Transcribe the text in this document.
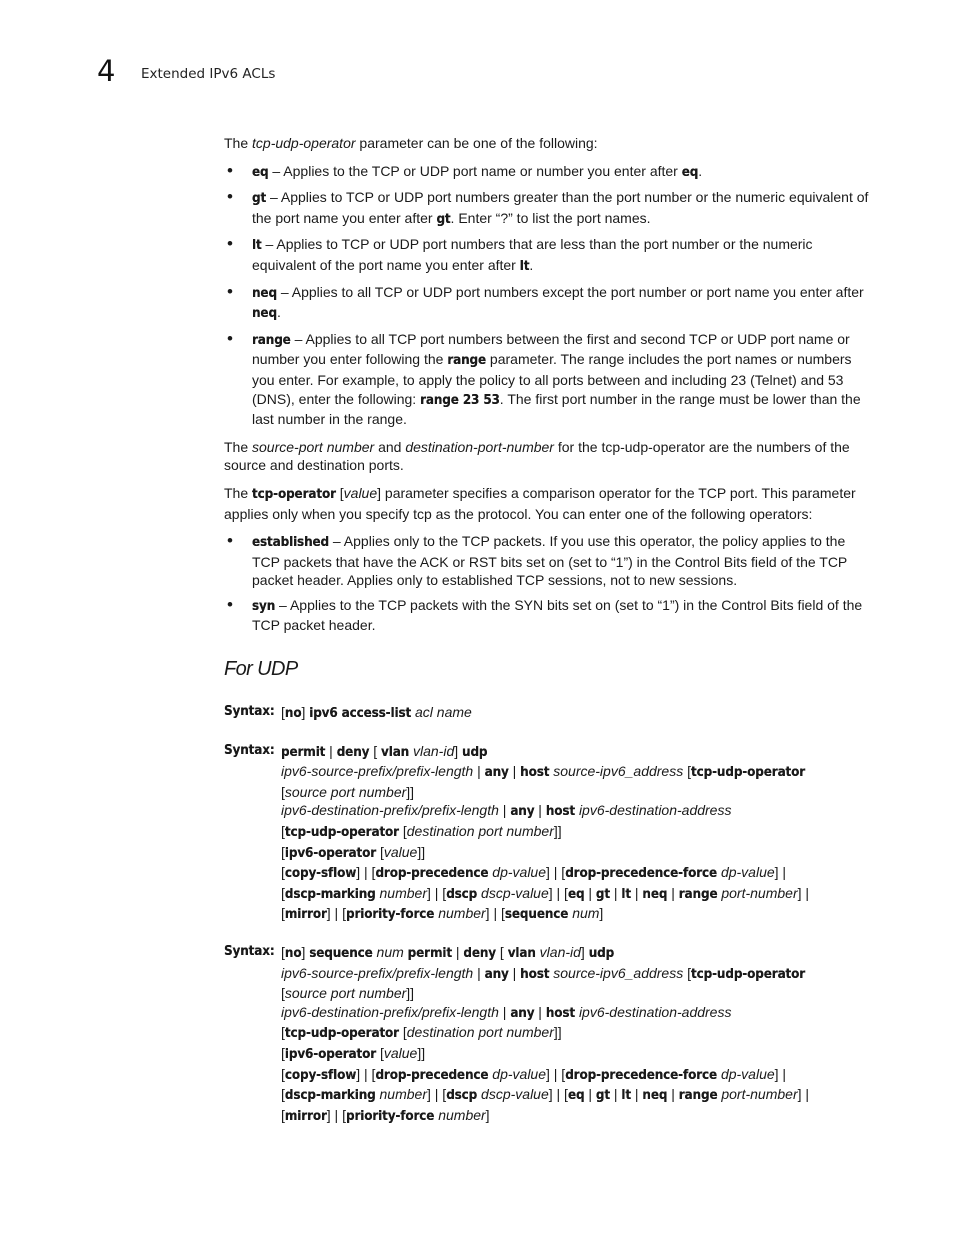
4 Extended IPv6 ACLs

The tcp-udp-operator parameter can be one of the following:

• eq – Applies to the TCP or UDP port name or number you enter after eq.
• gt – Applies to TCP or UDP port numbers greater than the port number or the numeric equivalent of the port name you enter after gt. Enter “?” to list the port names.
• lt – Applies to TCP or UDP port numbers that are less than the port number or the numeric equivalent of the port name you enter after lt.
• neq – Applies to all TCP or UDP port numbers except the port number or port name you enter after neq.
• range – Applies to all TCP port numbers between the first and second TCP or UDP port name or number you enter following the range parameter. The range includes the port names or numbers you enter. For example, to apply the policy to all ports between and including 23 (Telnet) and 53 (DNS), enter the following: range 23 53. The first port number in the range must be lower than the last number in the range.

The source-port number and destination-port-number for the tcp-udp-operator are the numbers of the source and destination ports.

The tcp-operator [value] parameter specifies a comparison operator for the TCP port. This parameter applies only when you specify tcp as the protocol. You can enter one of the following operators:

• established – Applies only to the TCP packets. If you use this operator, the policy applies to the TCP packets that have the ACK or RST bits set on (set to “1”) in the Control Bits field of the TCP packet header. Applies only to established TCP sessions, not to new sessions.
• syn – Applies to the TCP packets with the SYN bits set on (set to “1”) in the Control Bits field of the TCP packet header.
For UDP
Syntax: [no] ipv6 access-list acl name
Syntax: permit | deny [ vlan vlan-id] udp
ipv6-source-prefix/prefix-length | any | host source-ipv6_address [tcp-udp-operator
[source port number]]
ipv6-destination-prefix/prefix-length | any | host ipv6-destination-address
[tcp-udp-operator [destination port number]]
[ipv6-operator [value]]
[copy-sflow] | [drop-precedence dp-value] | [drop-precedence-force dp-value] |
[dscp-marking number] | [dscp dscp-value] | [eq | gt | lt | neq | range port-number] |
[mirror] | [priority-force number] | [sequence num]
Syntax: [no] sequence num permit | deny [ vlan vlan-id] udp
ipv6-source-prefix/prefix-length | any | host source-ipv6_address [tcp-udp-operator
[source port number]]
ipv6-destination-prefix/prefix-length | any | host ipv6-destination-address
[tcp-udp-operator [destination port number]]
[ipv6-operator [value]]
[copy-sflow] | [drop-precedence dp-value] | [drop-precedence-force dp-value] |
[dscp-marking number] | [dscp dscp-value] | [eq | gt | lt | neq | range port-number] |
[mirror] | [priority-force number]
